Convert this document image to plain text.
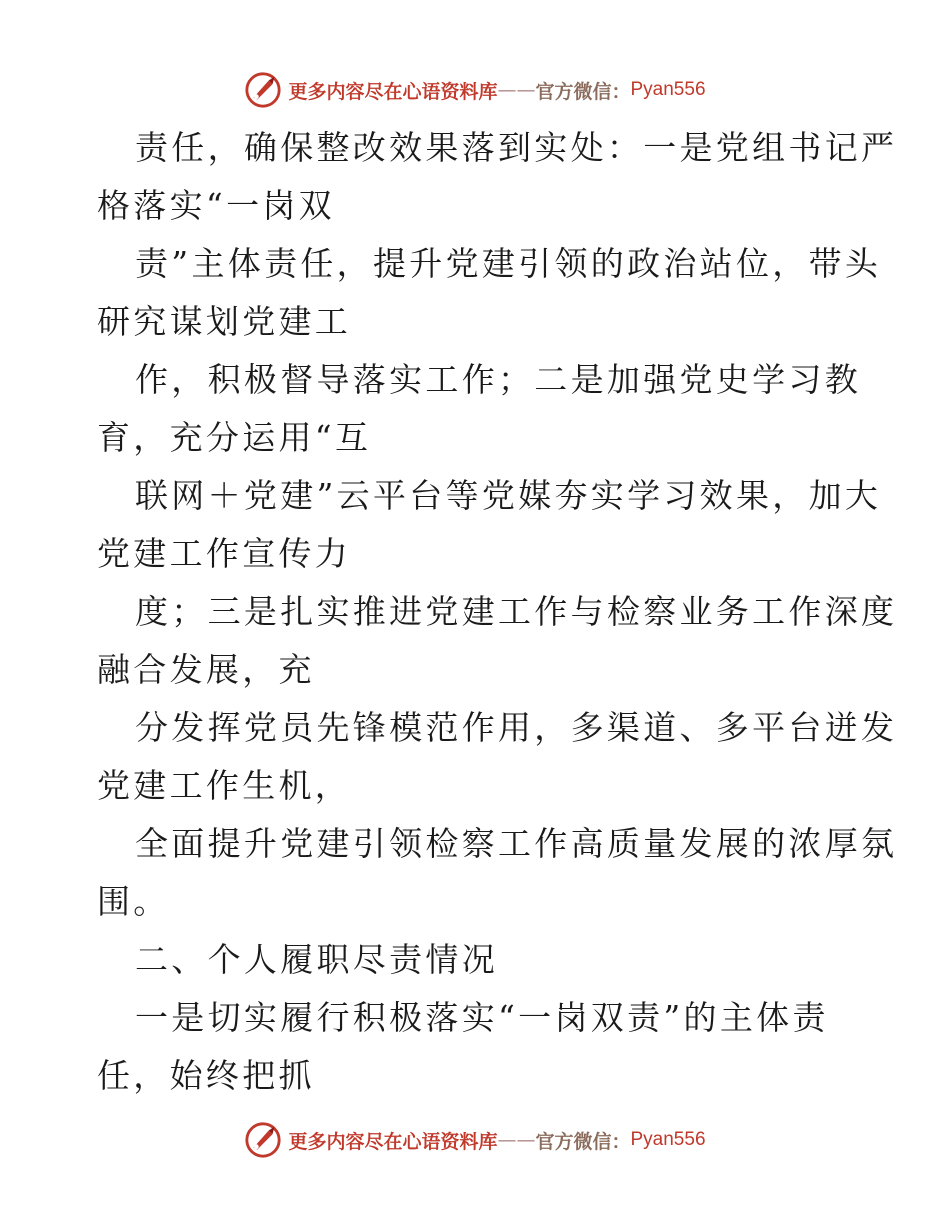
更多内容尽在心语资料库 —— 官方微信： Pyan556
责任，确保整改效果落到实处：一是党组书记严
格落实“一岗双
责”主体责任，提升党建引领的政治站位，带头
研究谋划党建工
作，积极督导落实工作；二是加强党史学习教
育，充分运用“互
联网＋党建”云平台等党媒夯实学习效果，加大
党建工作宣传力
度；三是扎实推进党建工作与检察业务工作深度
融合发展，充
分发挥党员先锋模范作用，多渠道、多平台迸发
党建工作生机，
全面提升党建引领检察工作高质量发展的浓厚氛
围。
二、个人履职尽责情况
一是切实履行积极落实“一岗双责”的主体责
任，始终把抓
更多内容尽在心语资料库 —— 官方微信： Pyan556
